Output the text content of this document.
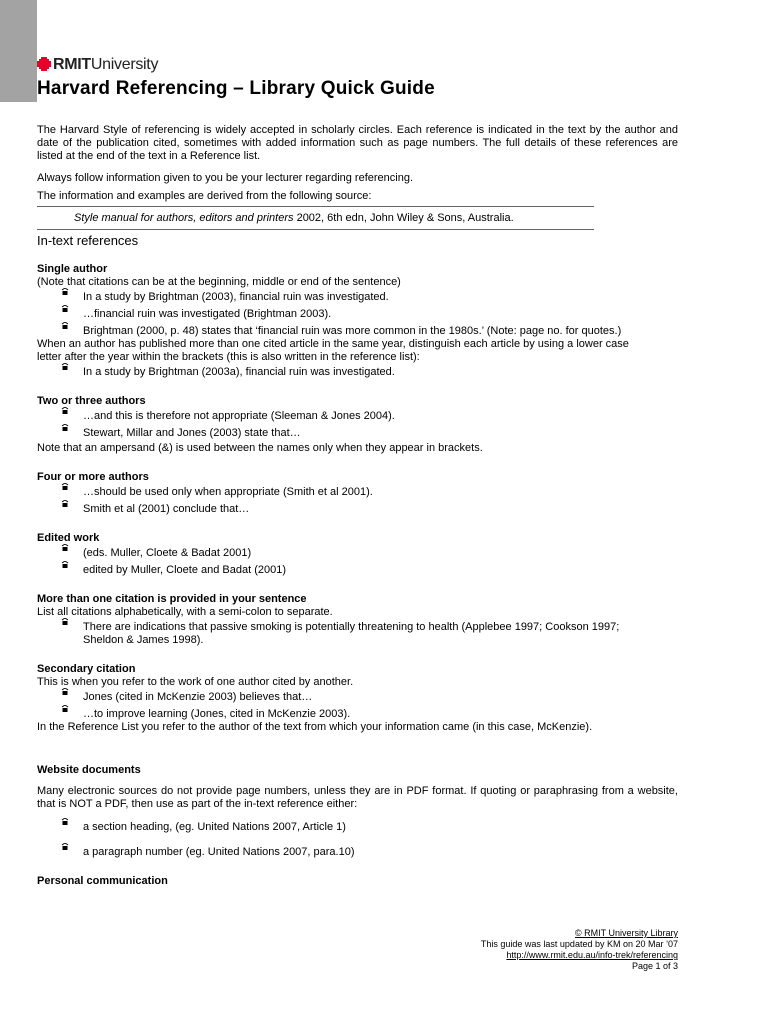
RMITUniversity
Harvard Referencing – Library Quick Guide

The Harvard Style of referencing is widely accepted in scholarly circles. Each reference is indicated in the text by the author and date of the publication cited, sometimes with added information such as page numbers. The full details of these references are listed at the end of the text in a Reference list.

Always follow information given to you be your lecturer regarding referencing.

The information and examples are derived from the following source:

Style manual for authors, editors and printers 2002, 6th edn, John Wiley & Sons, Australia.
In-text references
Single author

(Note that citations can be at the beginning, middle or end of the sentence)

In a study by Brightman (2003), financial ruin was investigated.
…financial ruin was investigated (Brightman 2003).
Brightman (2000, p. 48) states that ‘financial ruin was more common in the 1980s.’ (Note: page no. for quotes.)

When an author has published more than one cited article in the same year, distinguish each article by using a lower case letter after the year within the brackets (this is also written in the reference list):

In a study by Brightman (2003a), financial ruin was investigated.
Two or three authors
…and this is therefore not appropriate (Sleeman & Jones 2004).
Stewart, Millar and Jones (2003) state that…

Note that an ampersand (&) is used between the names only when they appear in brackets.

Four or more authors
…should be used only when appropriate (Smith et al 2001).
Smith et al (2001) conclude that…
Edited work
(eds. Muller, Cloete & Badat 2001)
edited by Muller, Cloete and Badat (2001)
More than one citation is provided in your sentence

List all citations alphabetically, with a semi-colon to separate.

There are indications that passive smoking is potentially threatening to health (Applebee 1997; Cookson 1997; Sheldon & James 1998).
Secondary citation

This is when you refer to the work of one author cited by another.

Jones (cited in McKenzie 2003) believes that…
…to improve learning (Jones, cited in McKenzie 2003).

In the Reference List you refer to the author of the text from which your information came (in this case, McKenzie).

Website documents

Many electronic sources do not provide page numbers, unless they are in PDF format. If quoting or paraphrasing from a website, that is NOT a PDF, then use as part of the in-text reference either:

a section heading, (eg. United Nations 2007, Article 1)
a paragraph number (eg. United Nations 2007, para.10)
Personal communication
© RMIT University Library
This guide was last updated by KM on 20 Mar ’07
http://www.rmit.edu.au/info-trek/referencing
Page 1 of 3
